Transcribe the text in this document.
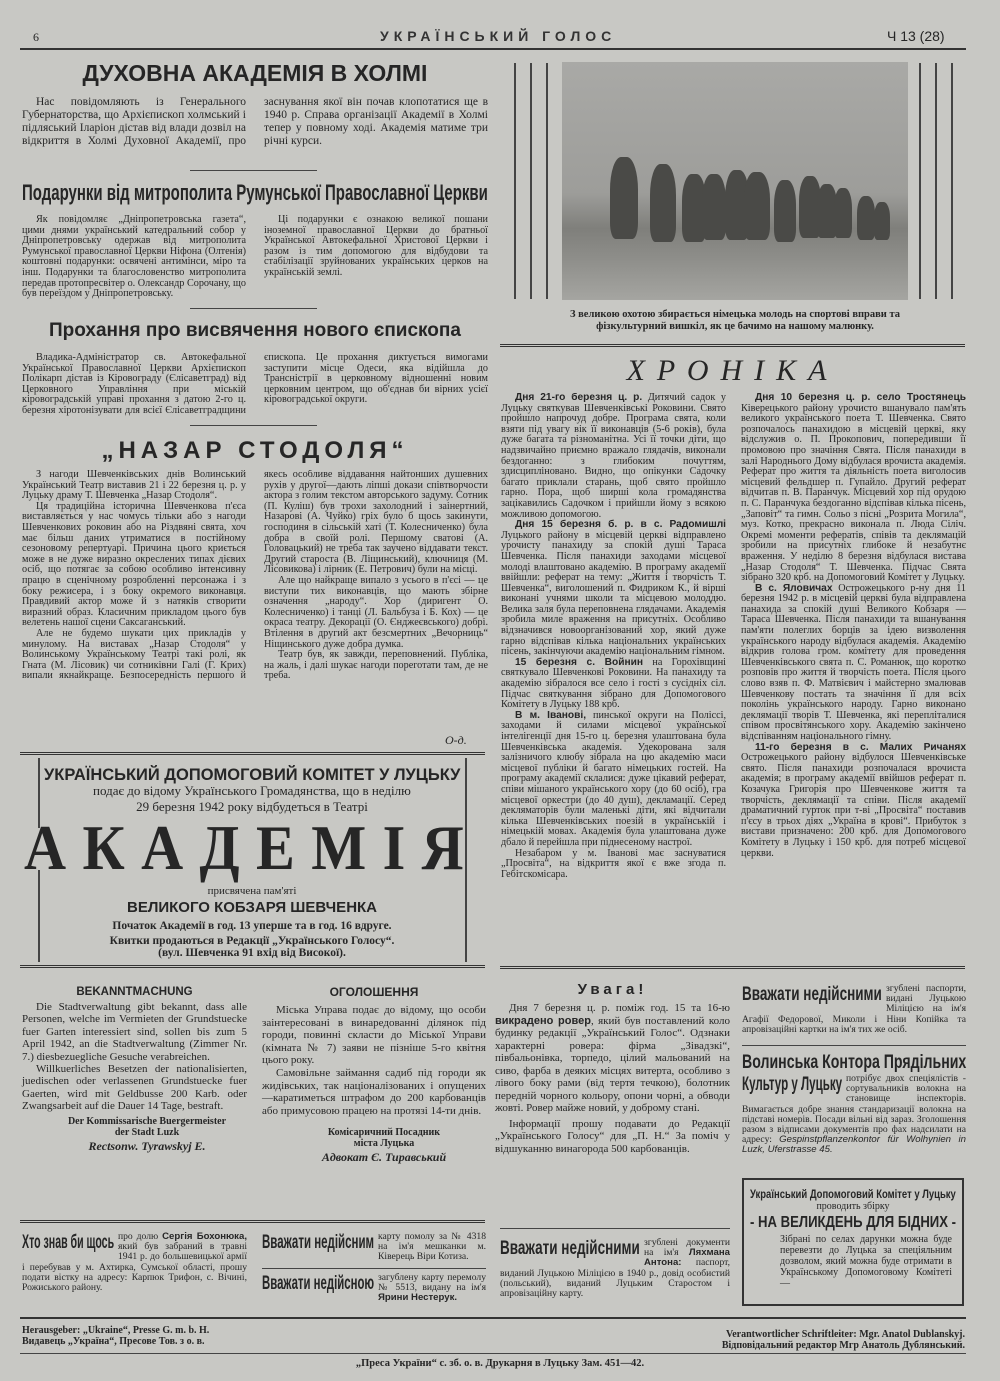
6	УКРАЇНСЬКИЙ ГОЛОС	Ч 13 (28)
ДУХОВНА АКАДЕМІЯ В ХОЛМІ

Нас повідомляють із Генерального Губернаторства, що Архієпископ холмський і підляський Іларіон дістав від влади дозвіл на відкриття в Холмі Духовної Академії, про заснування якої він почав клопотатися ще в 1940 р. Справа організації Академії в Холмі тепер у повному ході. Академія матиме три річні курси.

Подарунки від митрополита Румунської Православної Церкви

Як повідомляє „Дніпропетровська газета“, цими днями український катедральний собор у Дніпропетровську одержав від митрополита Румунської православної Церкви Ніфона (Олтенія) коштовні подарунки: освячені антимінси, міро та інш. Подарунки та благословенство митрополита передав протопресвітер о. Олександр Сорочану, що був переїздом у Дніпропетровську.

Ці подарунки є ознакою великої пошани іноземної православної Церкви до братньої Української Автокефальної Христової Церкви і разом із тим допомогою для відбудови та стабілізації зруйнованих українських церков на українській землі.

Прохання про висвячення нового єпископа

Владика-Адміністратор св. Автокефальної Української Православної Церкви Архієпископ Полікарп дістав із Кіровограду (Єлісаветград) від Церковного Управління при міській кіровоградській управі прохання з датою 2-го ц. березня хіротонізувати для всієї Єлісаветградщини єпископа. Це прохання диктується вимогами заступити місце Одеси, яка відійшла до Трансністрії в церковному відношенні новим церковним центром, що об'єднав би вірних усієї кіровоградської округи.

„НАЗАР СТОДОЛЯ“

З нагоди Шевченківських днів Волинський Український Театр виставив 21 і 22 березня ц. р. у Луцьку драму Т. Шевченка „Назар Стодоля“.

Ця традиційна історична Шевченкова п'єса виставляється у нас чомусь тільки або з нагоди Шевченкових роковин або на Різдвяні свята, хоч має більш даних утриматися в постійному сезоновому репертуарі. Причина цього криється може в не дуже виразно окреслених типах дієвих осіб, що потягає за собою особливо інтенсивну працю в сценічному розробленні персонажа і з боку режисера, і з боку окремого виконавця. Правдивий актор може й з натяків створити виразний образ. Класичним прикладом цього був велетень нашої сцени Саксаганський.

Але не будемо шукати цих прикладів у минулому. На виставах „Назар Стодоля“ у Волинському Українському Театрі такі ролі, як Гната (М. Лісовик) чи сотниківни Галі (Г. Крих) випали якнайкраще. Безпосередність першого й якесь особливе віддавання найтонших душевних рухів у другої—дають ліпші докази співтворчости актора з голим текстом авторського задуму. Сотник (П. Куліш) був трохи захолодний і заінертний, Назарові (А. Чуйко) гріх було б щось закинути, господиня в сільській хаті (Т. Колесниченко) була добра в своїй ролі. Першому сватові (А. Головацький) не треба так заучено віддавати текст. Другий староста (В. Ліщинський), ключниця (М. Лісовикова) і лірник (Е. Петрович) були на місці.

Але що найкраще випало з усього в п'єсі — це виступи тих виконавців, що мають збірне означення „народу“. Хор (диригент О. Колесниченко) і танці (Л. Бальбуза і Б. Кох) — це окраса театру. Декорації (О. Єнджеєвського) добрі. Втілення в другий акт безсмертних „Вечорниць“ Ніщинського дуже добра думка.

Театр був, як завжди, переповнений. Публіка, на жаль, і далі шукає нагоди пореготати там, де не треба.

О-д.
УКРАЇНСЬКИЙ ДОПОМОГОВИЙ КОМІТЕТ У ЛУЦЬКУ
подає до відому Українського Громадянства, що в неділю
29 березня 1942 року відбудеться в Театрі
АКАДЕМІЯ
присвячена пам'яті
ВЕЛИКОГО КОБЗАРЯ ШЕВЧЕНКА
Початок Академії в год. 13 уперше та в год. 16 вдруге.
Квитки продаються в Редакції „Українського Голосу“.
(вул. Шевченка 91 вхід від Високої).
BEKANNTMACHUNG

Die Stadtverwaltung gibt bekannt, dass alle Personen, welche im Vermieten der Grundstuecke fuer Garten interessiert sind, sollen bis zum 5 April 1942, an die Stadtverwaltung (Zimmer Nr. 7.) diesbezuegliche Gesuche verabreichen.

Willkuerliches Besetzen der nationalisierten, juedischen oder verlassenen Grundstuecke fuer Gaerten, wird mit Geldbusse 200 Karb. oder Zwangsarbeit auf die Dauer 14 Tage, bestraft.

Der Kommissarische Buergermeister
der Stadt Luzk
Rectsonw. Tyrawskyj E.
ОГОЛОШЕННЯ

Міська Управа подає до відому, що особи заінтересовані в винаредованні ділянок під городи, повинні скласти до Міської Управи (кімната № 7) заяви не пізніше 5-го квітня цього року.

Самовільне займання садиб під городи як жидівських, так націоналізованих і опущених—каратиметься штрафом до 200 карбованців або примусовою працею на протязі 14-ти днів.

Комісаричний Посадник
міста Луцька
Адвокат Є. Тиравський
Хто знав би щось про долю Сергія Бохонюка, який був забраний в травні 1941 р. до большевицької армії і перебував у м. Ахтирка, Сумської області, прошу подати вістку на адресу: Карпюк Трифон, с. Вічині, Рожиського району.
Вважати недійсним карту помолу за № 4318 на ім'я мешканки м. Ківерець Віри Котиза.
Вважати недійсною загублену карту перемолу № 5513, видану на ім'я Ярини Нестерук.
Herausgeber: „Ukraine“, Presse G. m. b. H.
Видавець „Україна“, Пресове Тов. з о. в.
Verantwortlicher Schriftleiter: Mgr. Anatol Dublanskyj.
Відповідальний редактор Мгр Анатоль Дублянський.
„Преса України“ с. зб. о. в. Друкарня в Луцьку Зам. 451—42.
З великою охотою збирається німецька молодь на спортові вправи та фізкультурний вишкіл, як це бачимо на нашому малюнку.
ХРОНІКА

Дня 21-го березня ц. р. Дитячий садок у Луцьку святкував Шевченківські Роковини. Свято пройшло напрочуд добре. Програма свята, коли взяти під увагу вік її виконавців (5-6 років), була дуже багата та різноманітна. Усі її точки діти, що надзвичайно приємно вражало глядачів, виконали бездоганно: з глибоким почуттям, здисципліновано. Видно, що опікунки Садочку багато приклали старань, щоб свято пройшло гарно. Пора, щоб ширші кола громадянства зацікавились Садочком і прийшли йому з всякою можливою допомогою.

Дня 15 березня б. р. в с. Радомишлі Луцького району в місцевій церкві відправлено урочисту панахиду за спокій душі Тараса Шевченка. Після панахиди заходами місцевої молоді влаштовано академію. В програму академії ввійшли: реферат на тему: „Життя і творчість Т. Шевченка“, виголошений п. Фидриком К., й вірші виконані учнями школи та місцевою молоддю. Велика заля була переповнена глядачами. Академія зробила миле враження на присутніх. Особливо відзначився новоорганізований хор, який дуже гарно відспівав кілька національних українських пісень, закінчуючи академію національним гімном.

15 березня с. Войнин на Горохівщині святкувало Шевченкові Роковини. На панахиду та академію зібралося все село і гості з сусідніх сіл. Підчас святкування зібрано для Допомогового Комітету в Луцьку 188 крб.

В м. Іванові, пинської округи на Поліссі, заходами й силами місцевої української інтелігенції дня 15-го ц. березня улаштована була Шевченківська академія. Удекорована заля залізничого клюбу зібрала на цю академію маси місцевої публіки й багато німецьких гостей. На програму академії склалися: дуже цікавий реферат, співи мішаного українського хору (до 60 осіб), гра місцевої оркестри (до 40 душ), декламації. Серед декляматорів були маленькі діти, які відчитали кілька Шевченківських поезій в українській і німецькій мовах. Академія була улаштована дуже дбало й перейшла при піднесеному настрої.

Незабаром у м. Іванові має заснуватися „Просвіта“, на відкриття якої є вже згода п. Гебітскомісара.

Дня 10 березня ц. р. село Тростянець Ківерецького району урочисто вшанувало пам'ять великого українського поета Т. Шевченка. Свято розпочалось панахидою в місцевій церкві, яку відслужив о. П. Прокопович, попередивши її промовою про значіння Свята. Після панахиди в залі Народнього Дому відбулася врочиста академія. Реферат про життя та діяльність поета виголосив місцевий фельдшер п. Гупайло. Другий реферат відчитав п. В. Паранчук. Місцевий хор під орудою п. С. Паранчука бездоганно відспівав кілька пісень, „Заповіт“ та гимн. Сольо з пісні „Розрита Могила“, муз. Котко, прекрасно виконала п. Люда Сіліч. Окремі моменти рефератів, співів та деклямацій зробили на присутніх глибоке й незабутнє враження. У неділю 8 березня відбулася вистава „Назар Стодоля“ Т. Шевченка. Підчас Свята зібрано 320 крб. на Допомоговий Комітет у Луцьку.

В с. Яловичах Острожецького р-ну дня 11 березня 1942 р. в місцевій церкві була відправлена панахида за спокій душі Великого Кобзаря — Тараса Шевченка. Після панахиди та вшанування пам'яти полеглих борців за ідею визволення українського народу відбулася академія. Академію відкрив голова гром. комітету для проведення Шевченківського свята п. С. Романюк, що коротко розповів про життя й творчість поета. Після цього слово взяв п. Ф. Матвієвич і майстерно змалював Шевченкову постать та значіння її для всіх поколінь українського народу. Гарно виконано деклямації творів Т. Шевченка, які перепліталися співом просвітянського хору. Академію закінчено відспіванням національного гімну.

11-го березня в с. Малих Ричанях Острожецького району відбулося Шевченківське свято. Після панахиди розпочалася врочиста академія; в програму академії ввійшов реферат п. Козачука Григорія про Шевченкове життя та творчість, деклямації та співи. Після академії драматичний гурток при т-ві „Просвіта“ поставив п'єсу в трьох діях „Україна в крові“. Прибуток з вистави призначено: 200 крб. для Допомогового Комітету в Луцьку і 150 крб. для потреб місцевої церкви.

Увага!

Дня 7 березня ц. р. поміж год. 15 та 16-ю викрадено ровер, який був поставлений коло будинку редакції „Український Голос“. Одзнаки характерні ровера: фірма „Зівадзкі“, півбальонівка, торпедо, цілий мальований на сиво, фарба в деяких місцях витерта, особливо з лівого боку рами (від тертя течкою), болотник передній чорного кольору, опони чорні, а обводи жовті. Ровер майже новий, у доброму стані.

Інформації прошу подавати до Редакції „Українського Голосу“ для „П. Н.“ За поміч у відшуканню винагорода 500 карбованців.

Вважати недійсними згублені документи на ім'я Ляхмана Антона: паспорт, виданий Луцькою Міліцією в 1940 р., довід особистий (польський), виданий Луцьким Старостом і апровізаційну карту.
Вважати недійсними згублені паспорти, видані Луцькою Міліцією на ім'я Агафії Федорової, Миколи і Ніни Копійка та апровізаційні картки на ім'я тих же осіб.
Волинська Контора Прядільних
Культур у Луцьку потрібує двох спеціялістів - сортувальників волокна на становище інспекторів. Вимагається добре знання стандаризації волокна на підставі номерів. Посади вільні від зараз. Зголошення разом з відписами документів про фах надсилати на адресу: Gespinstpflanzenkontor für Wolhynien in Luzk, Uferstrasse 45.
Український Допомоговий Комітет у Луцьку
проводить збірку
- НА ВЕЛИКДЕНЬ ДЛЯ БІДНИХ -
Зібрані по селах дарунки можна буде перевезти до Луцька за спеціяльним дозволом, який можна буде отримати в Українському Допомоговому Комітеті —
